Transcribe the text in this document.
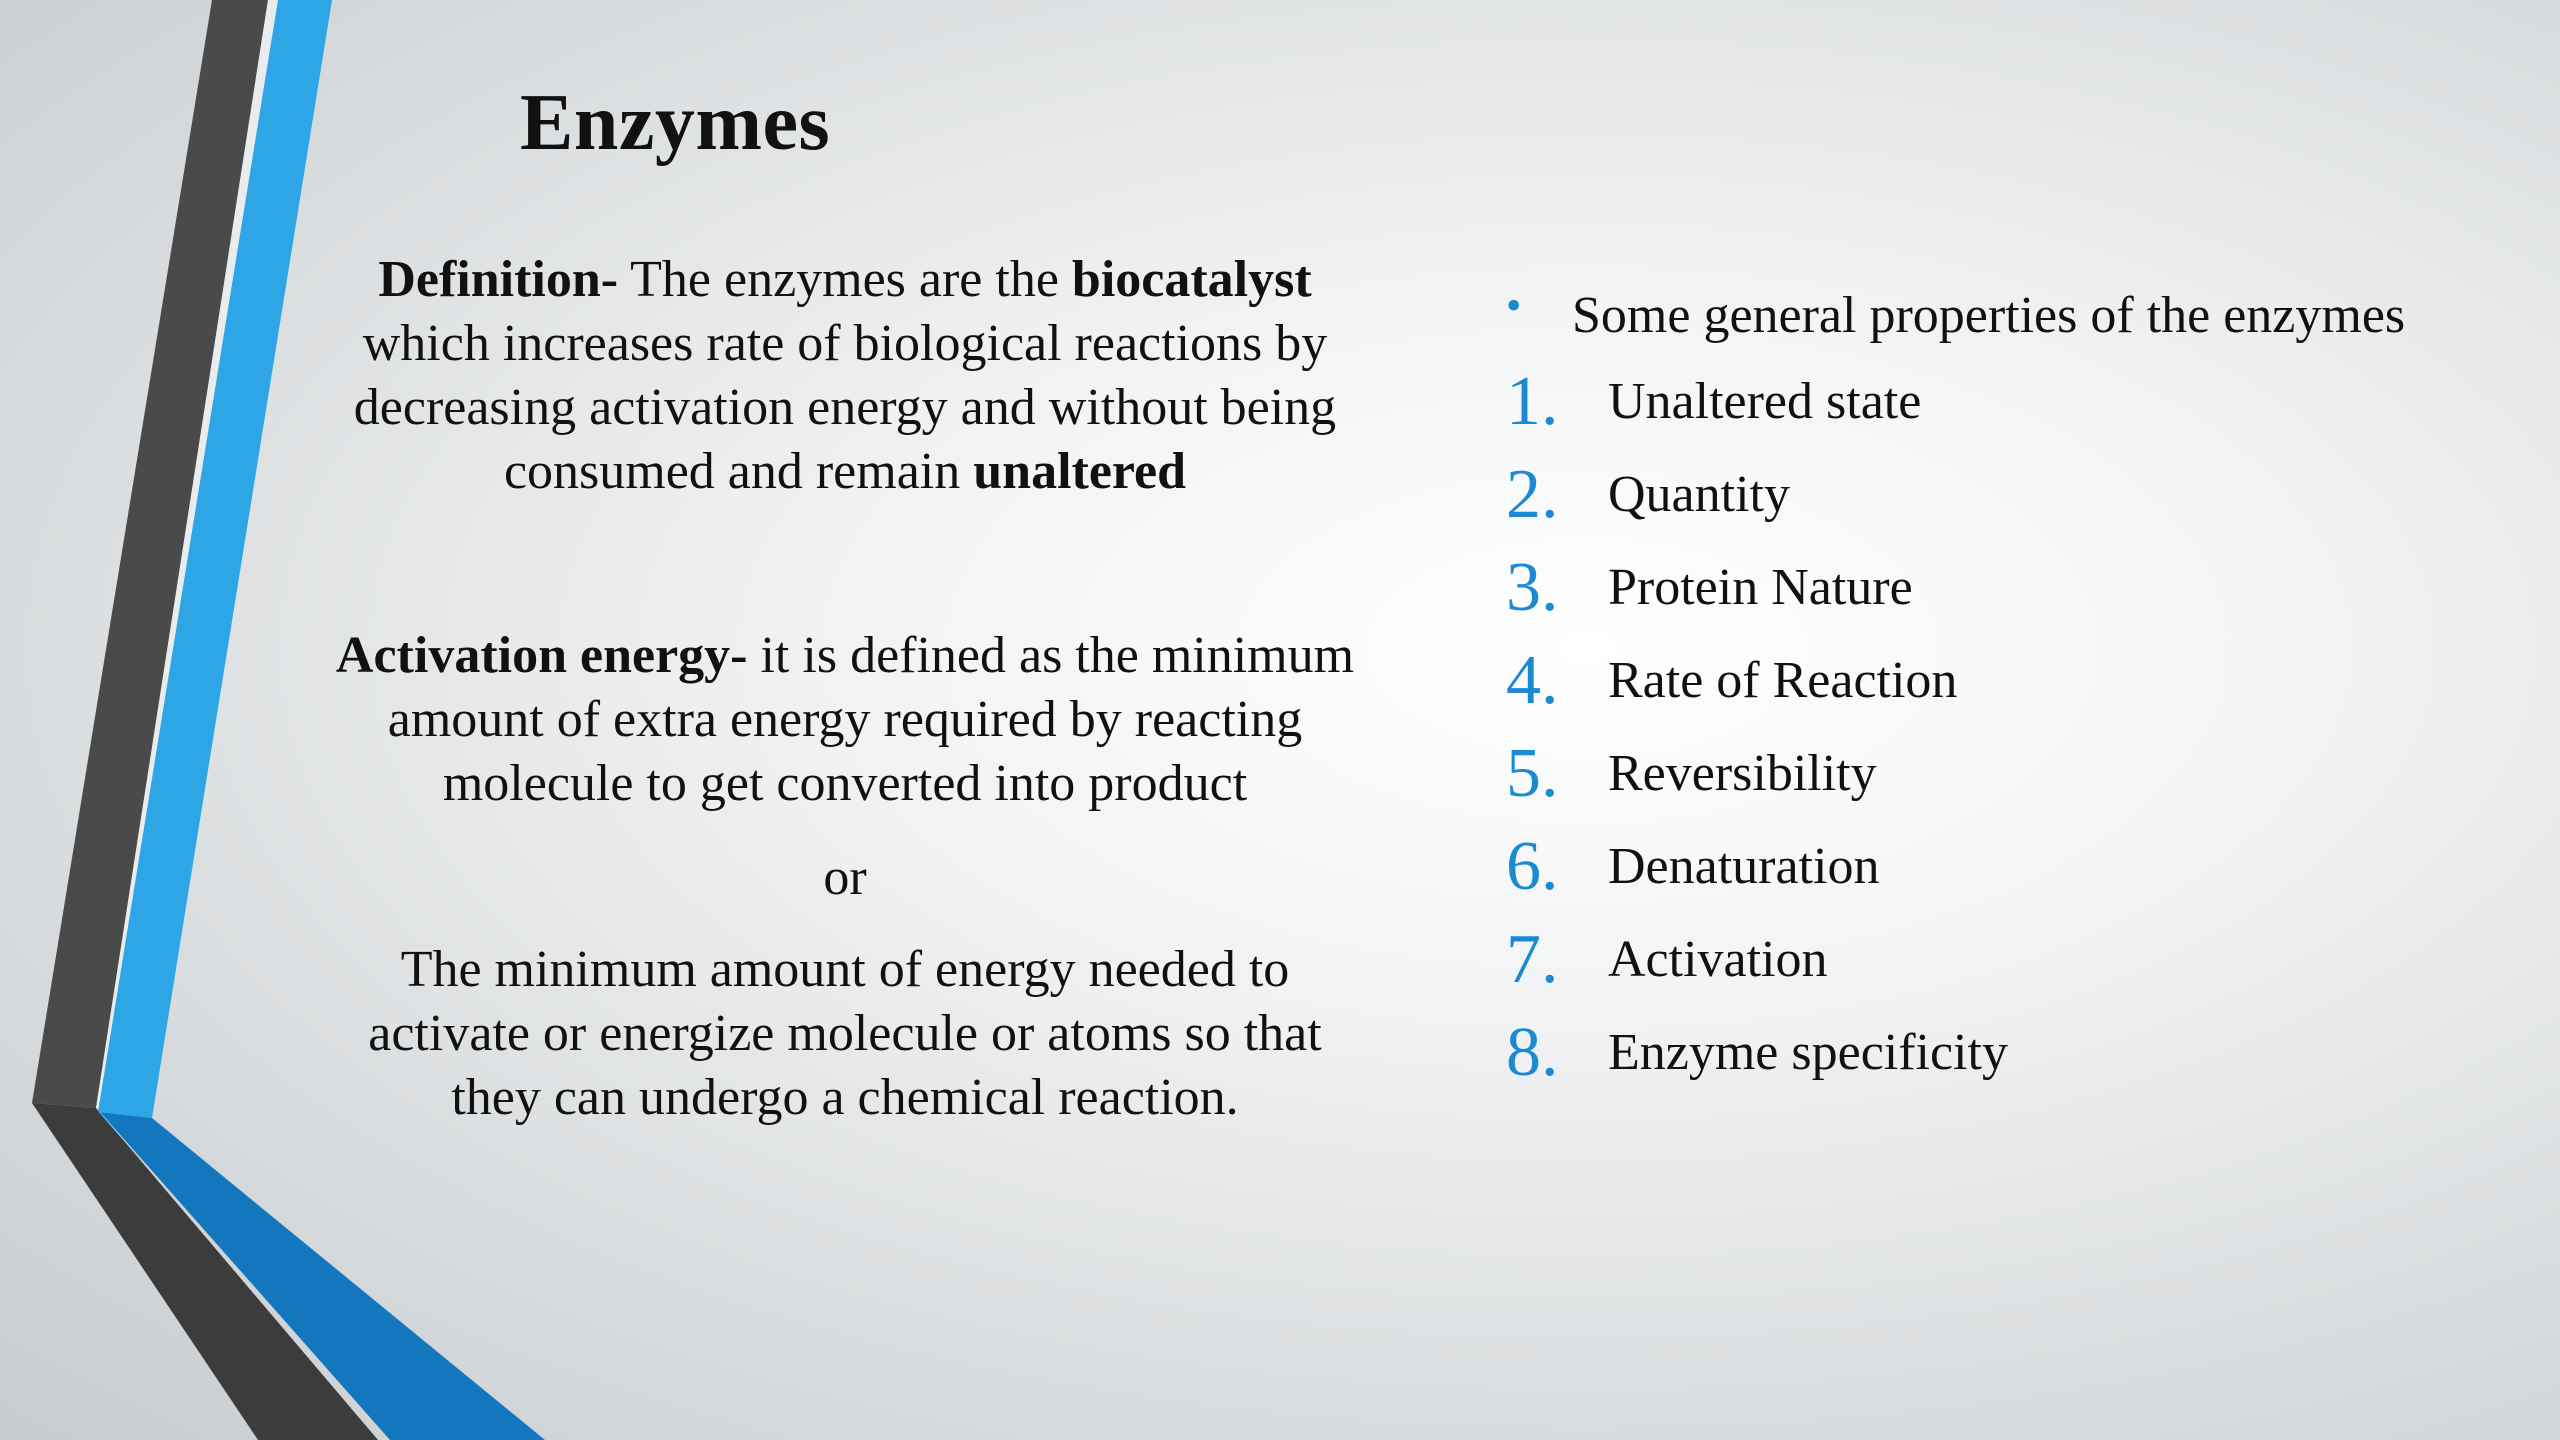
Enzymes

Definition- The enzymes are the biocatalyst which increases rate of biological reactions by decreasing activation energy and without being consumed and remain unaltered

Activation energy- it is defined as the minimum amount of extra energy required by reacting molecule to get converted into product

or

The minimum amount of energy needed to activate or energize molecule or atoms so that they can undergo a chemical reaction.

• Some general properties of the enzymes
1. Unaltered state
2. Quantity
3. Protein Nature
4. Rate of Reaction
5. Reversibility
6. Denaturation
7. Activation
8. Enzyme specificity
